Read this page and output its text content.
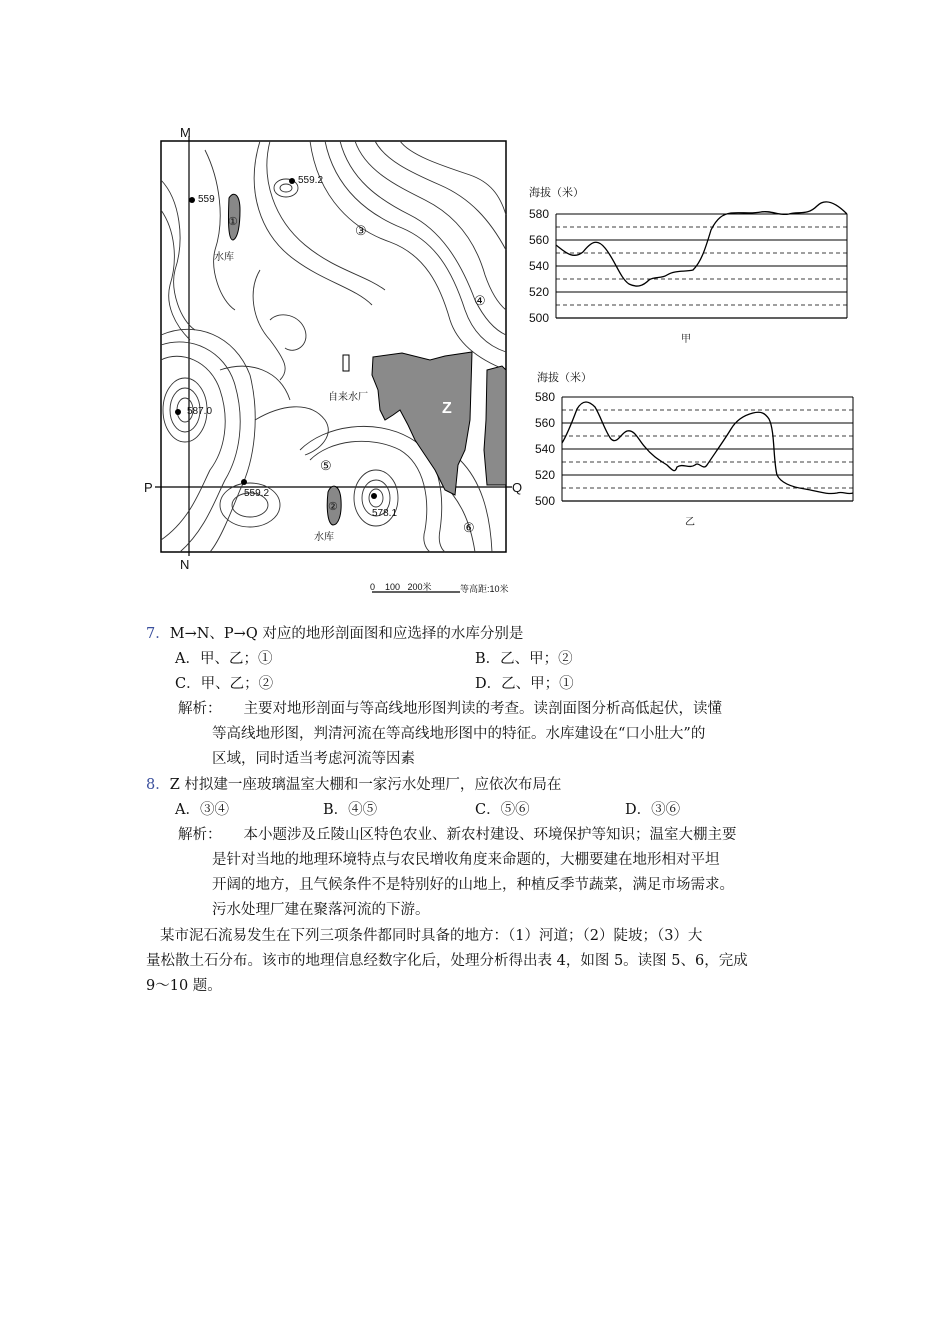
M
N
P	Q
Z
559.2
559
587.0
559.2
578.1
水库
水库
自来水厂
①
②
③
④
⑤
⑥
0    100   200米	等高距:10米
海拔（米）
580
560
540
520
500
甲
海拔（米）
580
560
540
520
500
乙
7．M→N、P→Q 对应的地形剖面图和应选择的水库分别是
A．甲、乙；①	B．乙、甲；②
C．甲、乙；②	D．乙、甲；①
解析： 主要对地形剖面与等高线地形图判读的考查。读剖面图分析高低起伏，读懂
等高线地形图，判清河流在等高线地形图中的特征。水库建设在“口小肚大”的
区域，同时适当考虑河流等因素
8．Z 村拟建一座玻璃温室大棚和一家污水处理厂，应依次布局在
A．③④	B．④⑤	C．⑤⑥	D．③⑥
解析： 本小题涉及丘陵山区特色农业、新农村建设、环境保护等知识；温室大棚主要
是针对当地的地理环境特点与农民增收角度来命题的，大棚要建在地形相对平坦
开阔的地方，且气候条件不是特别好的山地上，种植反季节蔬菜，满足市场需求。
污水处理厂建在聚落河流的下游。
某市泥石流易发生在下列三项条件都同时具备的地方：（1）河道；（2）陡坡；（3）大
量松散土石分布。该市的地理信息经数字化后，处理分析得出表 4，如图 5。读图 5、6，完成
9～10 题。
